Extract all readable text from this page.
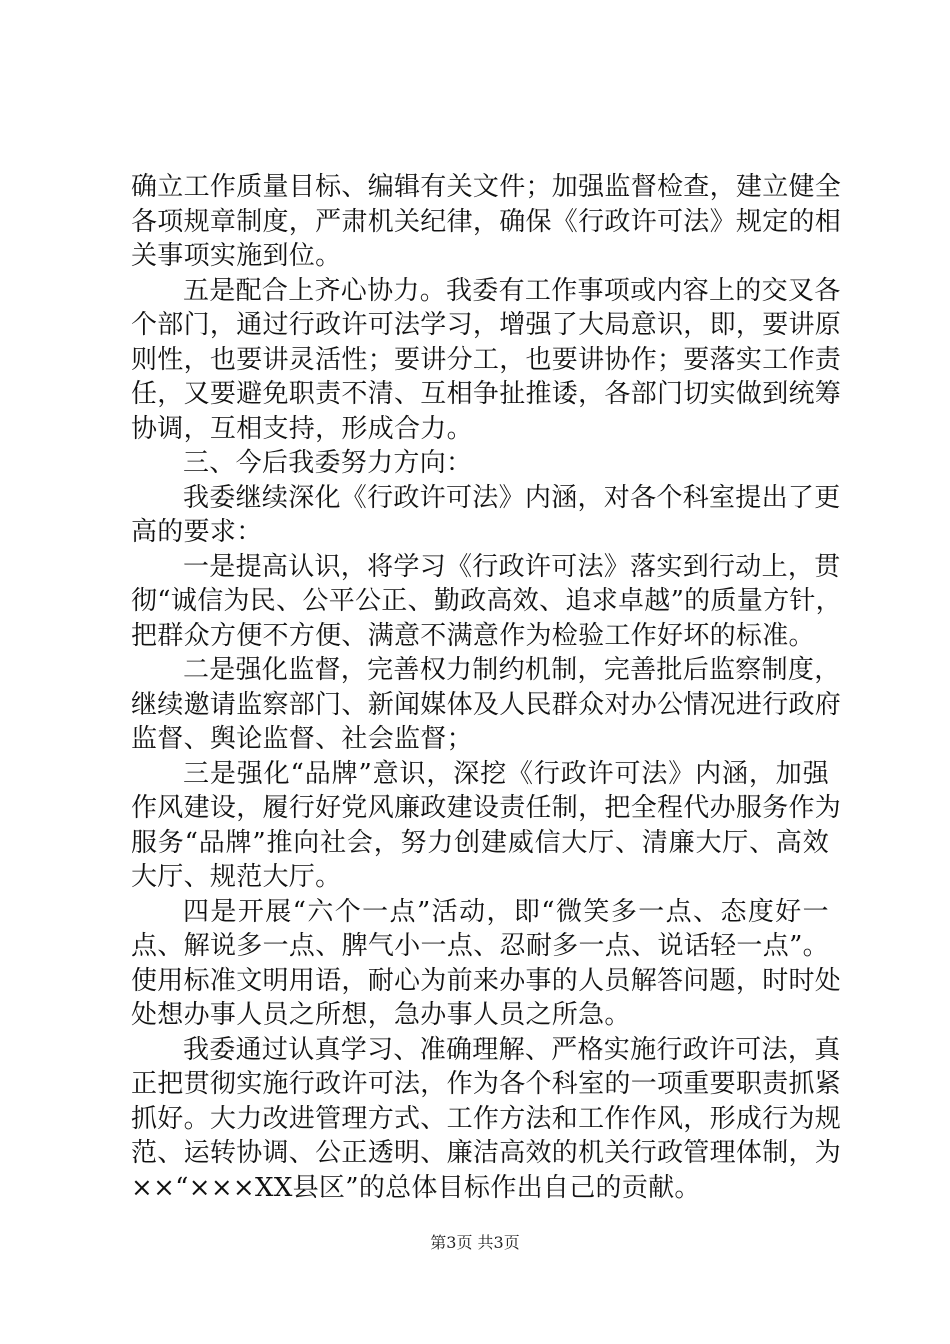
确立工作质量目标、编辑有关文件；加强监督检查，建立健全
各项规章制度，严肃机关纪律，确保《行政许可法》规定的相
关事项实施到位。
五是配合上齐心协力。我委有工作事项或内容上的交叉各
个部门，通过行政许可法学习，增强了大局意识，即，要讲原
则性，也要讲灵活性；要讲分工，也要讲协作；要落实工作责
任，又要避免职责不清、互相争扯推诿，各部门切实做到统筹
协调，互相支持，形成合力。
三、今后我委努力方向：
我委继续深化《行政许可法》内涵，对各个科室提出了更
高的要求：
一是提高认识，将学习《行政许可法》落实到行动上，贯
彻“诚信为民、公平公正、勤政高效、追求卓越”的质量方针，
把群众方便不方便、满意不满意作为检验工作好坏的标准。
二是强化监督，完善权力制约机制，完善批后监察制度，
继续邀请监察部门、新闻媒体及人民群众对办公情况进行政府
监督、舆论监督、社会监督；
三是强化“品牌”意识，深挖《行政许可法》内涵，加强
作风建设，履行好党风廉政建设责任制，把全程代办服务作为
服务“品牌”推向社会，努力创建威信大厅、清廉大厅、高效
大厅、规范大厅。
四是开展“六个一点”活动，即“微笑多一点、态度好一
点、解说多一点、脾气小一点、忍耐多一点、说话轻一点”。
使用标准文明用语，耐心为前来办事的人员解答问题，时时处
处想办事人员之所想，急办事人员之所急。
我委通过认真学习、准确理解、严格实施行政许可法，真
正把贯彻实施行政许可法，作为各个科室的一项重要职责抓紧
抓好。大力改进管理方式、工作方法和工作作风，形成行为规
范、运转协调、公正透明、廉洁高效的机关行政管理体制，为
××“×××XX县区”的总体目标作出自己的贡献。
第3页 共3页
